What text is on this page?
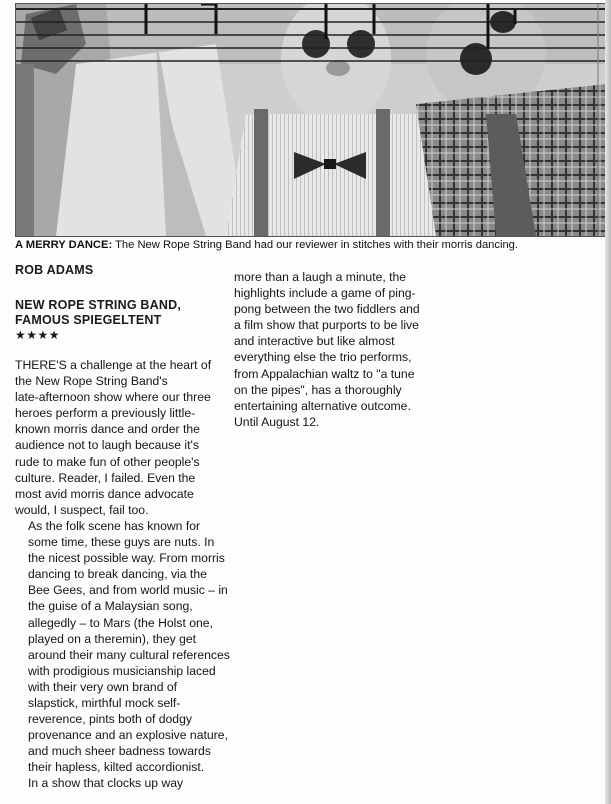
A MERRY DANCE: The New Rope String Band had our reviewer in stitches with their morris dancing.
ROB ADAMS
NEW ROPE STRING BAND,
FAMOUS SPIEGELTENT
★★★★

THERE'S a challenge at the heart of
the New Rope String Band's
late-afternoon show where our three
heroes perform a previously little-
known morris dance and order the
audience not to laugh because it's
rude to make fun of other people's
culture. Reader, I failed. Even the
most avid morris dance advocate
would, I suspect, fail too.

As the folk scene has known for
some time, these guys are nuts. In
the nicest possible way. From morris
dancing to break dancing, via the
Bee Gees, and from world music – in
the guise of a Malaysian song,
allegedly – to Mars (the Holst one,
played on a theremin), they get
around their many cultural references
with prodigious musicianship laced
with their very own brand of
slapstick, mirthful mock self-
reverence, pints both of dodgy
provenance and an explosive nature,
and much sheer badness towards
their hapless, kilted accordionist.

In a show that clocks up way

more than a laugh a minute, the
highlights include a game of ping-
pong between the two fiddlers and
a film show that purports to be live
and interactive but like almost
everything else the trio performs,
from Appalachian waltz to "a tune
on the pipes", has a thoroughly
entertaining alternative outcome.
Until August 12.
